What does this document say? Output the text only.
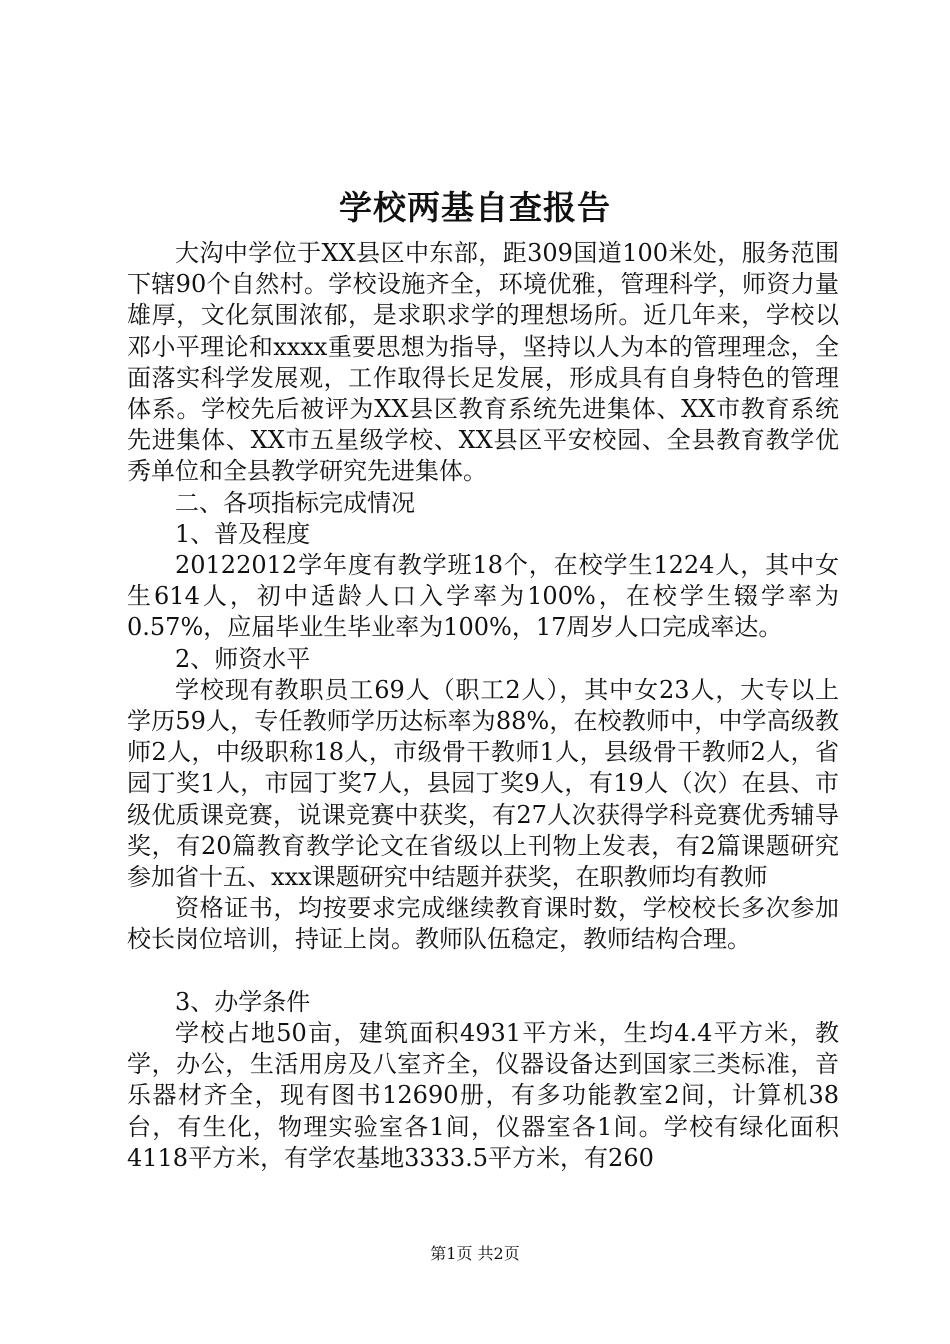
学校两基自查报告

大沟中学位于XX县区中东部，距309国道100米处，服务范围下辖90个自然村。学校设施齐全，环境优雅，管理科学，师资力量雄厚，文化氛围浓郁，是求职求学的理想场所。近几年来，学校以邓小平理论和xxxx重要思想为指导，坚持以人为本的管理理念，全面落实科学发展观，工作取得长足发展，形成具有自身特色的管理体系。学校先后被评为XX县区教育系统先进集体、XX市教育系统先进集体、XX市五星级学校、XX县区平安校园、全县教育教学优秀单位和全县教学研究先进集体。

二、各项指标完成情况

1、普及程度

20122012学年度有教学班18个，在校学生1224人，其中女生614人，初中适龄人口入学率为100%，在校学生辍学率为0.57%，应届毕业生毕业率为100%，17周岁人口完成率达。

2、师资水平

学校现有教职员工69人（职工2人），其中女23人，大专以上学历59人，专任教师学历达标率为88%，在校教师中，中学高级教师2人，中级职称18人，市级骨干教师1人，县级骨干教师2人，省园丁奖1人，市园丁奖7人，县园丁奖9人，有19人（次）在县、市级优质课竞赛，说课竞赛中获奖，有27人次获得学科竞赛优秀辅导奖，有20篇教育教学论文在省级以上刊物上发表，有2篇课题研究参加省十五、xxx课题研究中结题并获奖，在职教师均有教师

资格证书，均按要求完成继续教育课时数，学校校长多次参加校长岗位培训，持证上岗。教师队伍稳定，教师结构合理。

3、办学条件

学校占地50亩，建筑面积4931平方米，生均4.4平方米，教学，办公，生活用房及八室齐全，仪器设备达到国家三类标准，音乐器材齐全，现有图书12690册，有多功能教室2间，计算机38台，有生化，物理实验室各1间，仪器室各1间。学校有绿化面积4118平方米，有学农基地3333.5平方米，有260

第1页 共2页
